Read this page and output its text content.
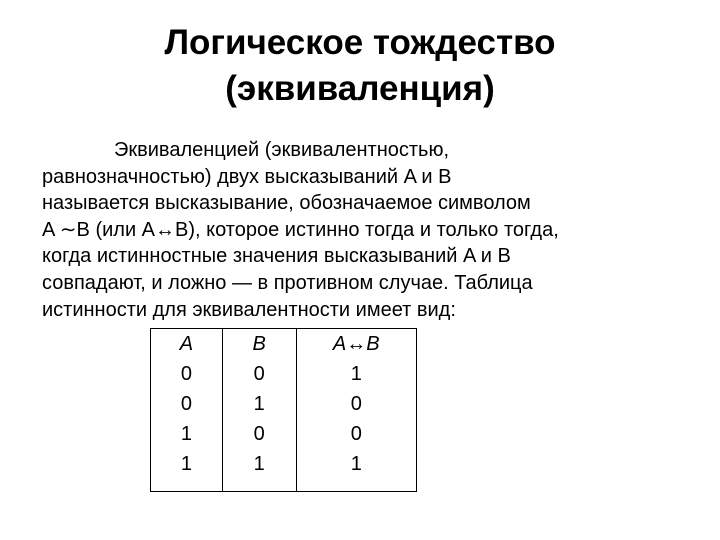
Логическое тождество
(эквиваленция)
Эквиваленцией (эквивалентностью,
равнозначностью) двух высказываний A и B
называется высказывание, обозначаемое символом
A ∼B (или A↔B), которое истинно тогда и только тогда,
когда истинностные значения высказываний A и B
совпадают, и ложно — в противном случае. Таблица
истинности для эквивалентности имеет вид:
A	B	A↔B
0	0	1
0	1	0
1	0	0
1	1	1
